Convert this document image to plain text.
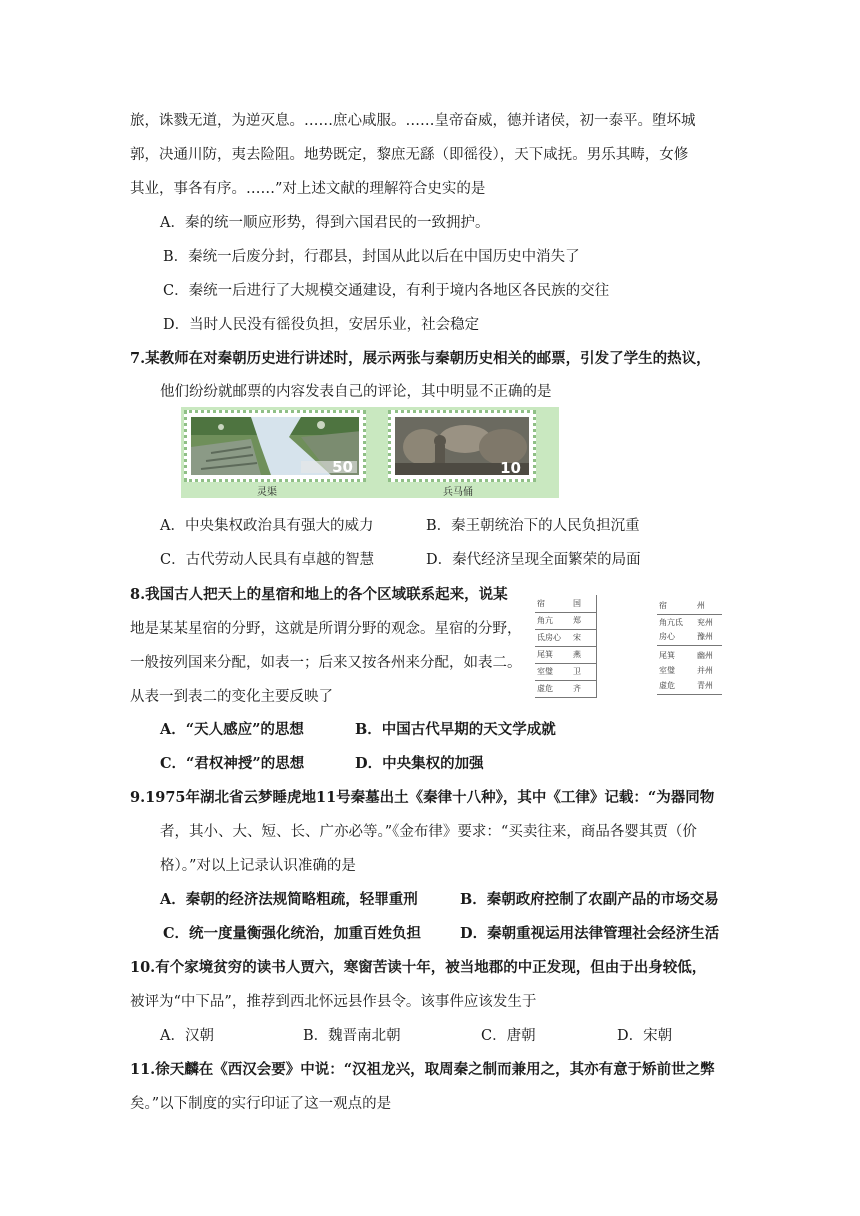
旅，诛戮无道，为逆灭息。……庶心咸服。……皇帝奋威，德并诸侯，初一泰平。堕坏城
郭，决通川防，夷去险阻。地势既定，黎庶无繇（即徭役），天下咸抚。男乐其畴，女修
其业，事各有序。……”对上述文献的理解符合史实的是
A．秦的统一顺应形势，得到六国君民的一致拥护。
B．秦统一后废分封，行郡县，封国从此以后在中国历史中消失了
C．秦统一后进行了大规模交通建设，有利于境内各地区各民族的交往
D．当时人民没有徭役负担，安居乐业，社会稳定
7.某教师在对秦朝历史进行讲述时，展示两张与秦朝历史相关的邮票，引发了学生的热议，
他们纷纷就邮票的内容发表自己的评论，其中明显不正确的是
50	10
灵渠	兵马俑
A．中央集权政治具有强大的威力	B．秦王朝统治下的人民负担沉重
C．古代劳动人民具有卓越的智慧	D．秦代经济呈现全面繁荣的局面
8.我国古人把天上的星宿和地上的各个区域联系起来，说某
地是某某星宿的分野，这就是所谓分野的观念。星宿的分野，
一般按列国来分配，如表一；后来又按各州来分配，如表二。
从表一到表二的变化主要反映了
宿	国
角亢	郑
氐房心 宋
尾箕	燕
室璧	卫
虚危	齐
宿	州
角亢氐 兖州
房心	豫州
尾箕	幽州
室璧	并州
虚危	青州
A．“天人感应”的思想	B．中国古代早期的天文学成就
C．“君权神授”的思想	D．中央集权的加强
9.1975年湖北省云梦睡虎地11号秦墓出土《秦律十八种》，其中《工律》记载：“为器同物
者，其小、大、短、长、广亦必等。”《金布律》要求：“买卖往来，商品各婴其贾（价
格）。”对以上记录认识准确的是
A．秦朝的经济法规简略粗疏，轻罪重刑	B．秦朝政府控制了农副产品的市场交易
C．统一度量衡强化统治，加重百姓负担	D．秦朝重视运用法律管理社会经济生活
10.有个家境贫穷的读书人贾六，寒窗苦读十年，被当地郡的中正发现，但由于出身较低，
被评为“中下品”，推荐到西北怀远县作县令。该事件应该发生于
A．汉朝	B．魏晋南北朝	C．唐朝	D．宋朝
11.徐天麟在《西汉会要》中说：“汉祖龙兴，取周秦之制而兼用之，其亦有意于矫前世之弊
矣。”以下制度的实行印证了这一观点的是
